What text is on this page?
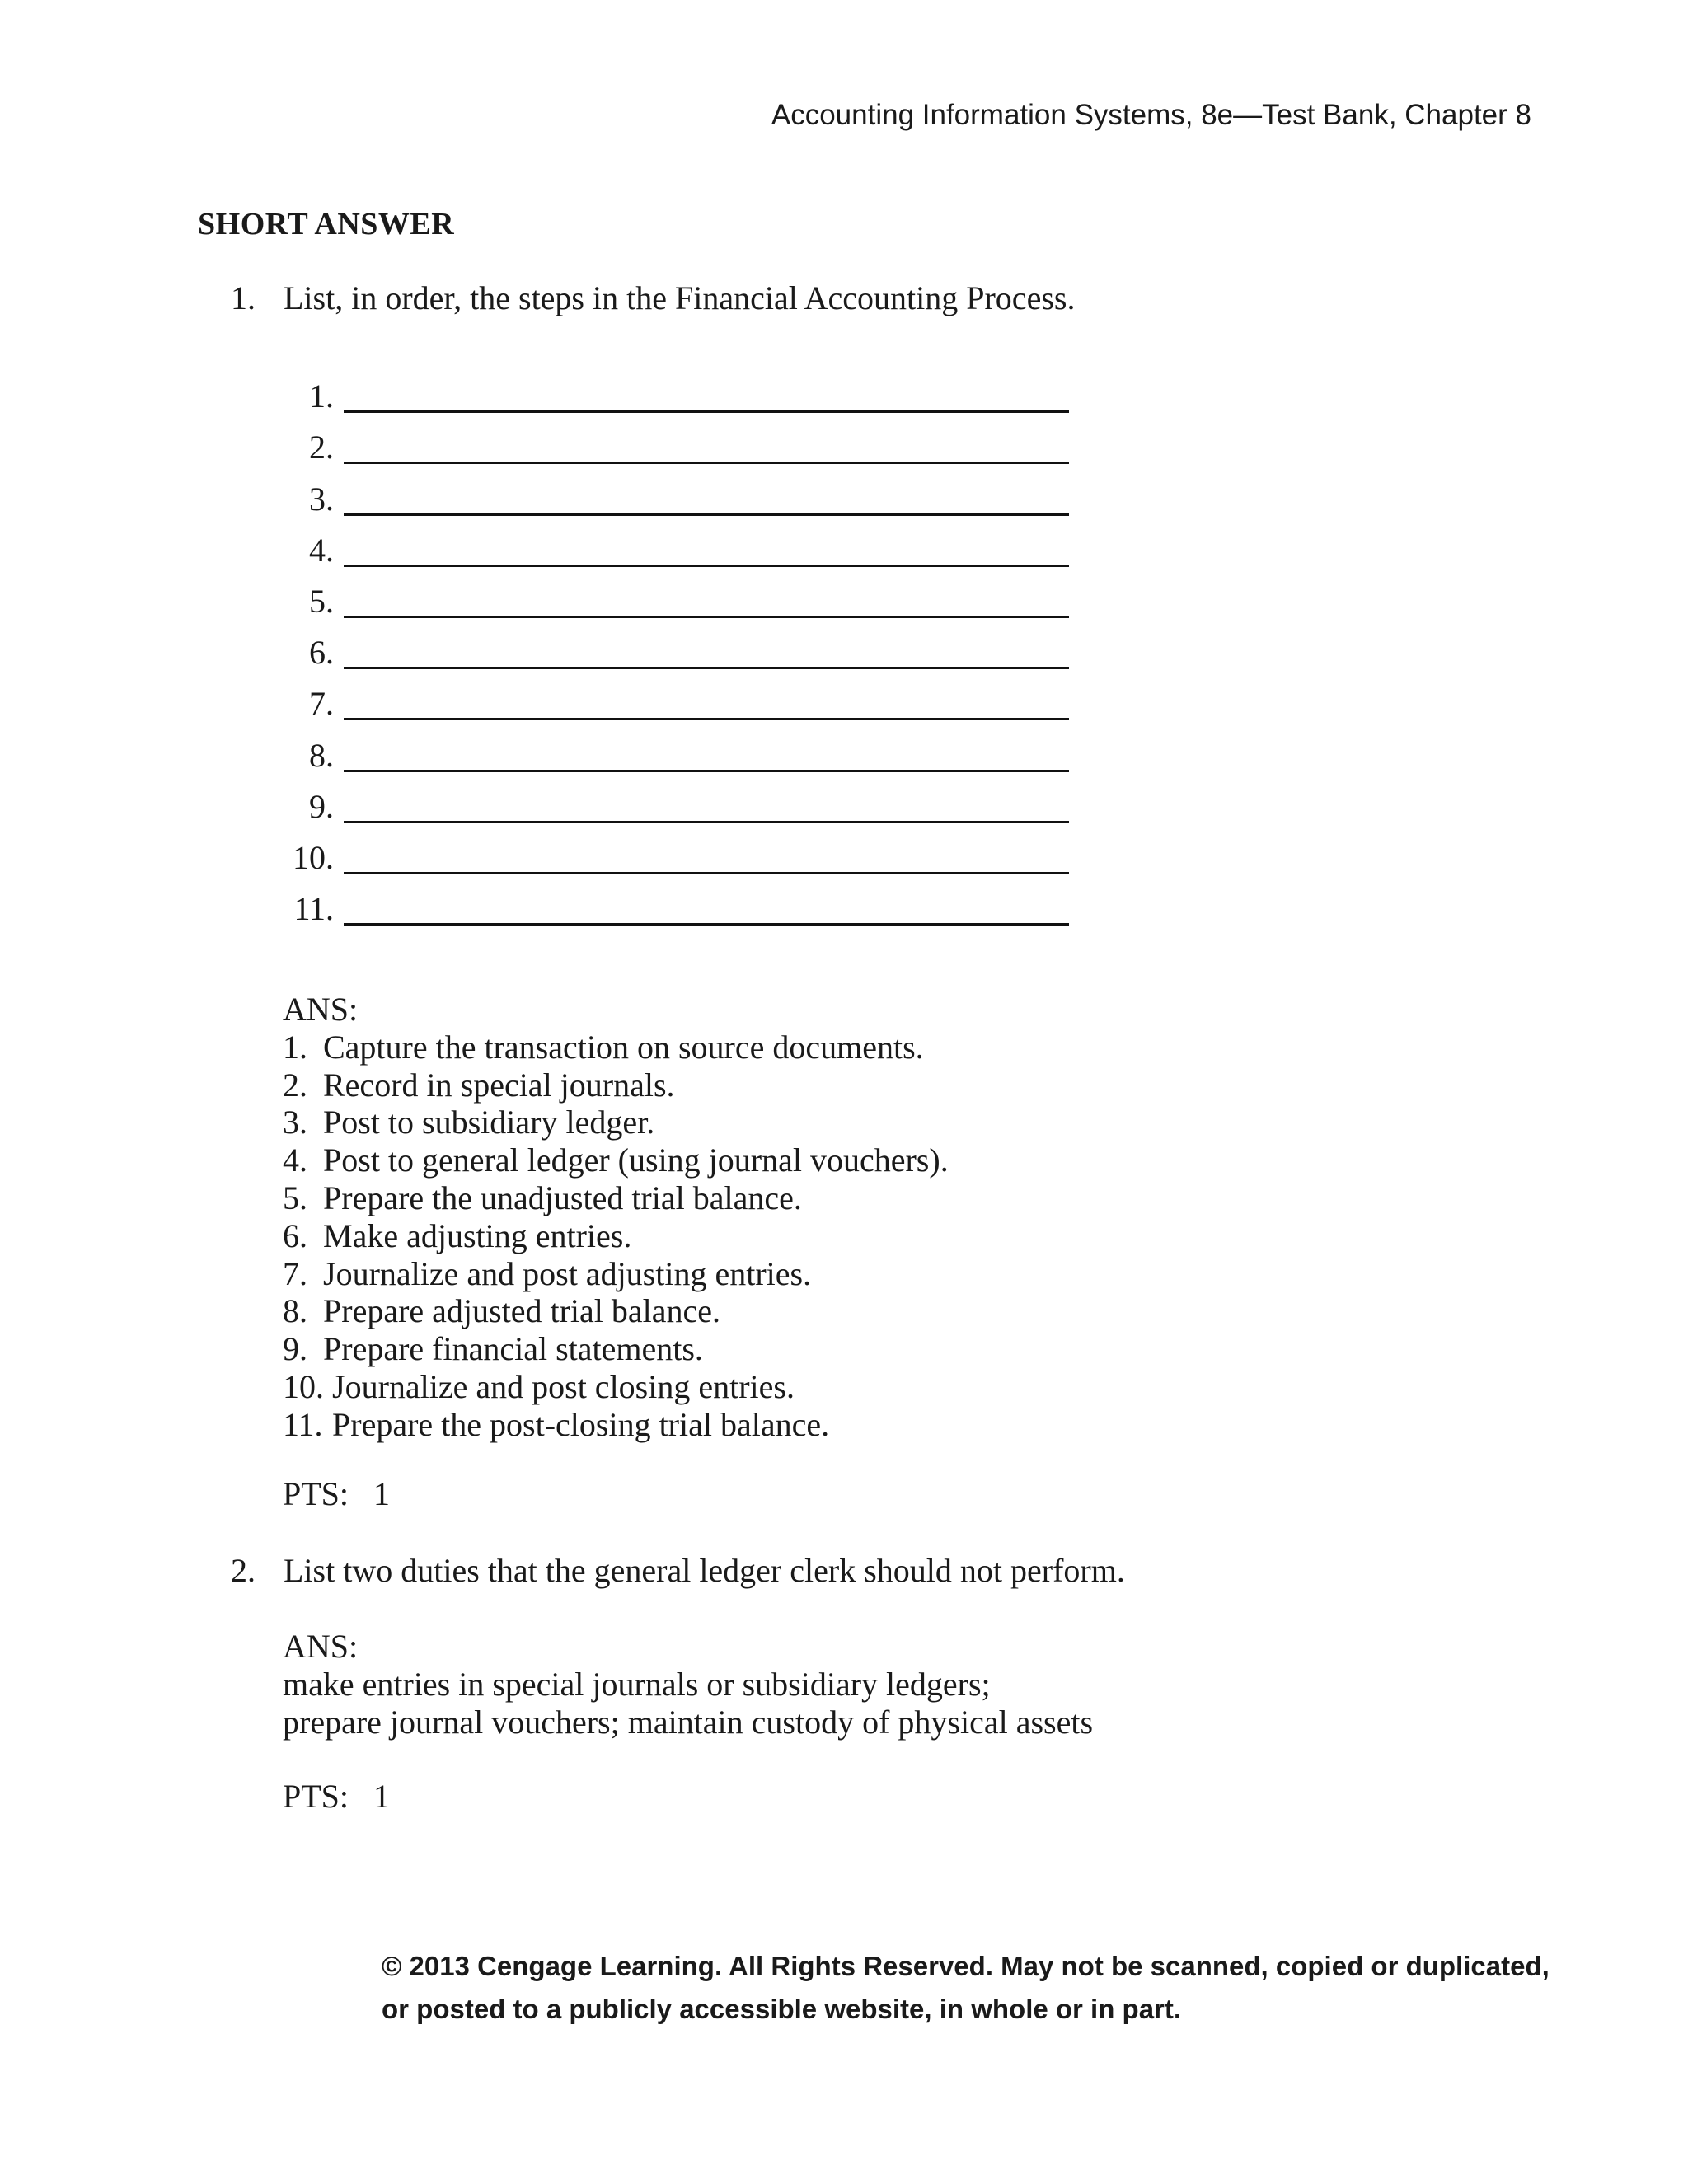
Accounting Information Systems, 8e—Test Bank, Chapter 8
SHORT ANSWER
1. List, in order, the steps in the Financial Accounting Process.
1.
2.
3.
4.
5.
6.
7.
8.
9.
10.
11.
ANS:
1. Capture the transaction on source documents.
2. Record in special journals.
3. Post to subsidiary ledger.
4. Post to general ledger (using journal vouchers).
5. Prepare the unadjusted trial balance.
6. Make adjusting entries.
7. Journalize and post adjusting entries.
8. Prepare adjusted trial balance.
9. Prepare financial statements.
10. Journalize and post closing entries.
11. Prepare the post-closing trial balance.
PTS: 1
2. List two duties that the general ledger clerk should not perform.
ANS:
make entries in special journals or subsidiary ledgers;
prepare journal vouchers; maintain custody of physical assets
PTS: 1
© 2013 Cengage Learning. All Rights Reserved. May not be scanned, copied or duplicated,
or posted to a publicly accessible website, in whole or in part.
